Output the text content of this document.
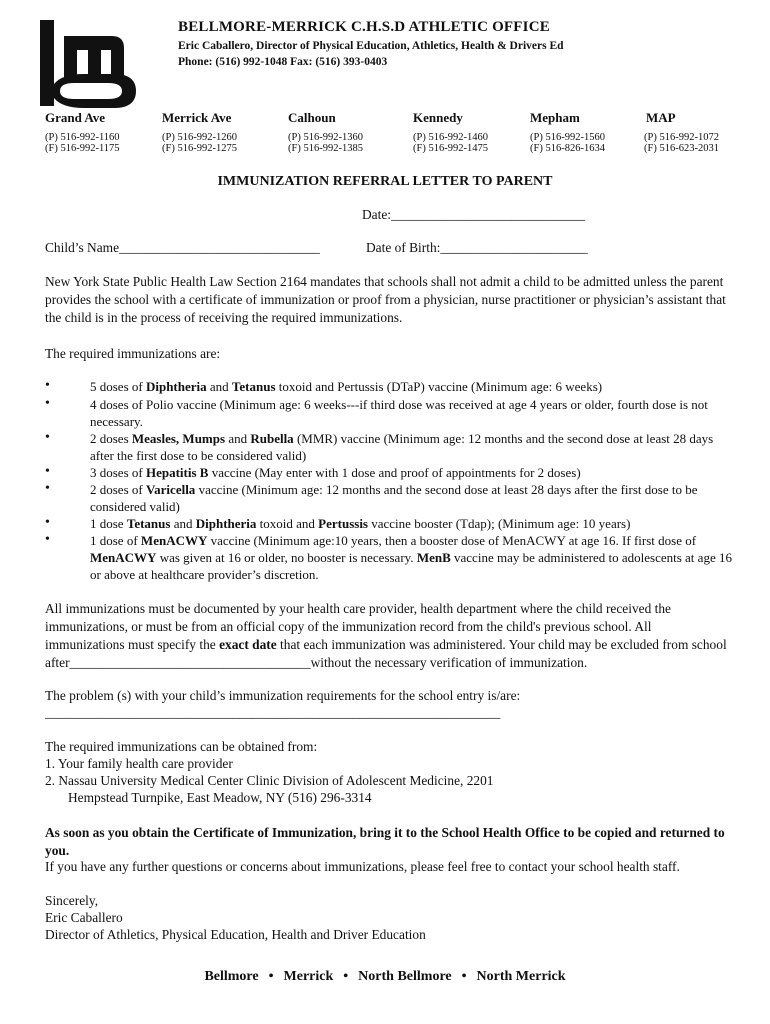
BELLMORE-MERRICK C.H.S.D ATHLETIC OFFICE
Eric Caballero, Director of Physical Education, Athletics, Health & Drivers Ed
Phone: (516) 992-1048 Fax: (516) 393-0403
Grand Ave
(P) 516-992-1160
(F) 516-992-1175
Merrick Ave
(P) 516-992-1260
(F) 516-992-1275
Calhoun
(P) 516-992-1360
(F) 516-992-1385
Kennedy
(P) 516-992-1460
(F) 516-992-1475
Mepham
(P) 516-992-1560
(F) 516-826-1634
MAP
(P) 516-992-1072
(F) 516-623-2031
IMMUNIZATION REFERRAL LETTER TO PARENT
Date:_____________________________
Child’s Name______________________________	Date of Birth:______________________
New York State Public Health Law Section 2164 mandates that schools shall not admit a child to be admitted unless the parent provides the school with a certificate of immunization or proof from a physician, nurse practitioner or physician’s assistant that the child is in the process of receiving the required immunizations.
The required immunizations are:
•	5 doses of Diphtheria and Tetanus toxoid and Pertussis (DTaP) vaccine (Minimum age: 6 weeks)
•	4 doses of Polio vaccine (Minimum age: 6 weeks---if third dose was received at age 4 years or older, fourth dose is not necessary.
•	2 doses Measles, Mumps and Rubella (MMR) vaccine (Minimum age: 12 months and the second dose at least 28 days after the first dose to be considered valid)
•	3 doses of Hepatitis B vaccine (May enter with 1 dose and proof of appointments for 2 doses)
•	2 doses of Varicella vaccine (Minimum age: 12 months and the second dose at least 28 days after the first dose to be considered valid)
•	1 dose Tetanus and Diphtheria toxoid and Pertussis vaccine booster (Tdap); (Minimum age: 10 years)
•	1 dose of MenACWY vaccine (Minimum age:10 years, then a booster dose of MenACWY at age 16. If first dose of MenACWY was given at 16 or older, no booster is necessary. MenB vaccine may be administered to adolescents at age 16 or above at healthcare provider’s discretion.
All immunizations must be documented by your health care provider, health department where the child received the immunizations, or must be from an official copy of the immunization record from the child's previous school. All immunizations must specify the exact date that each immunization was administered. Your child may be excluded from school after____________________________________without the necessary verification of immunization.
The problem (s) with your child’s immunization requirements for the school entry is/are:
____________________________________________________________________
The required immunizations can be obtained from:
1. Your family health care provider
2. Nassau University Medical Center Clinic Division of Adolescent Medicine, 2201
Hempstead Turnpike, East Meadow, NY (516) 296-3314
As soon as you obtain the Certificate of Immunization, bring it to the School Health Office to be copied and returned to you.
If you have any further questions or concerns about immunizations, please feel free to contact your school health staff.
Sincerely,
Eric Caballero
Director of Athletics, Physical Education, Health and Driver Education
Bellmore • Merrick • North Bellmore • North Merrick
